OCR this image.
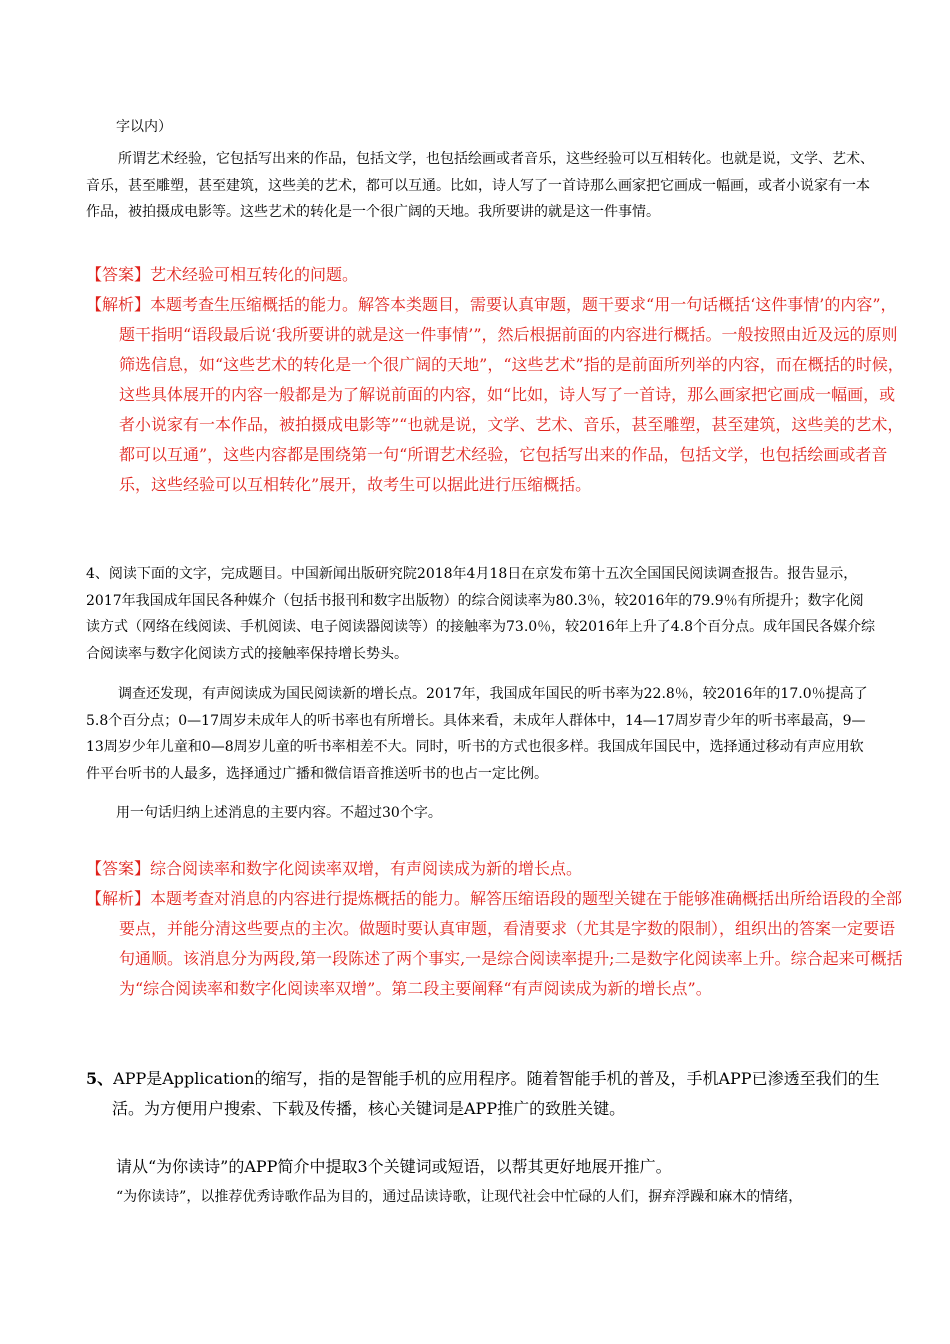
字以内）

所谓艺术经验，它包括写出来的作品，包括文学，也包括绘画或者音乐，这些经验可以互相转化。也就是说，文学、艺术、音乐，甚至雕塑，甚至建筑，这些美的艺术，都可以互通。比如，诗人写了一首诗那么画家把它画成一幅画，或者小说家有一本作品，被拍摄成电影等。这些艺术的转化是一个很广阔的天地。我所要讲的就是这一件事情。

【答案】艺术经验可相互转化的问题。

【解析】本题考查生压缩概括的能力。解答本类题目，需要认真审题，题干要求“用一句话概括‘这件事情’的内容”，题干指明“语段最后说‘我所要讲的就是这一件事情’”，然后根据前面的内容进行概括。一般按照由近及远的原则筛选信息，如“这些艺术的转化是一个很广阔的天地”，“这些艺术”指的是前面所列举的内容，而在概括的时候，这些具体展开的内容一般都是为了解说前面的内容，如“比如，诗人写了一首诗，那么画家把它画成一幅画，或者小说家有一本作品，被拍摄成电影等”“也就是说，文学、艺术、音乐，甚至雕塑，甚至建筑，这些美的艺术，都可以互通”，这些内容都是围绕第一句“所谓艺术经验，它包括写出来的作品，包括文学，也包括绘画或者音乐，这些经验可以互相转化”展开，故考生可以据此进行压缩概括。

4、阅读下面的文字，完成题目。中国新闻出版研究院2018年4月18日在京发布第十五次全国国民阅读调查报告。报告显示，2017年我国成年国民各种媒介（包括书报刊和数字出版物）的综合阅读率为80.3％，较2016年的79.9％有所提升；数字化阅读方式（网络在线阅读、手机阅读、电子阅读器阅读等）的接触率为73.0％，较2016年上升了4.8个百分点。成年国民各媒介综合阅读率与数字化阅读方式的接触率保持增长势头。

调查还发现，有声阅读成为国民阅读新的增长点。2017年，我国成年国民的听书率为22.8％，较2016年的17.0％提高了5.8个百分点；0—17周岁未成年人的听书率也有所增长。具体来看，未成年人群体中，14—17周岁青少年的听书率最高，9—13周岁少年儿童和0—8周岁儿童的听书率相差不大。同时，听书的方式也很多样。我国成年国民中，选择通过移动有声应用软件平台听书的人最多，选择通过广播和微信语音推送听书的也占一定比例。

用一句话归纳上述消息的主要内容。不超过30个字。

【答案】综合阅读率和数字化阅读率双增，有声阅读成为新的增长点。

【解析】本题考查对消息的内容进行提炼概括的能力。解答压缩语段的题型关键在于能够准确概括出所给语段的全部要点，并能分清这些要点的主次。做题时要认真审题，看清要求（尤其是字数的限制），组织出的答案一定要语句通顺。该消息分为两段,第一段陈述了两个事实,一是综合阅读率提升;二是数字化阅读率上升。综合起来可概括为“综合阅读率和数字化阅读率双增”。第二段主要阐释“有声阅读成为新的增长点”。

5、APP是Application的缩写，指的是智能手机的应用程序。随着智能手机的普及，手机APP已渗透至我们的生活。为方便用户搜索、下载及传播，核心关键词是APP推广的致胜关键。

请从“为你读诗”的APP简介中提取3个关键词或短语，以帮其更好地展开推广。

“为你读诗”，以推荐优秀诗歌作品为目的，通过品读诗歌，让现代社会中忙碌的人们，摒弃浮躁和麻木的情绪，
